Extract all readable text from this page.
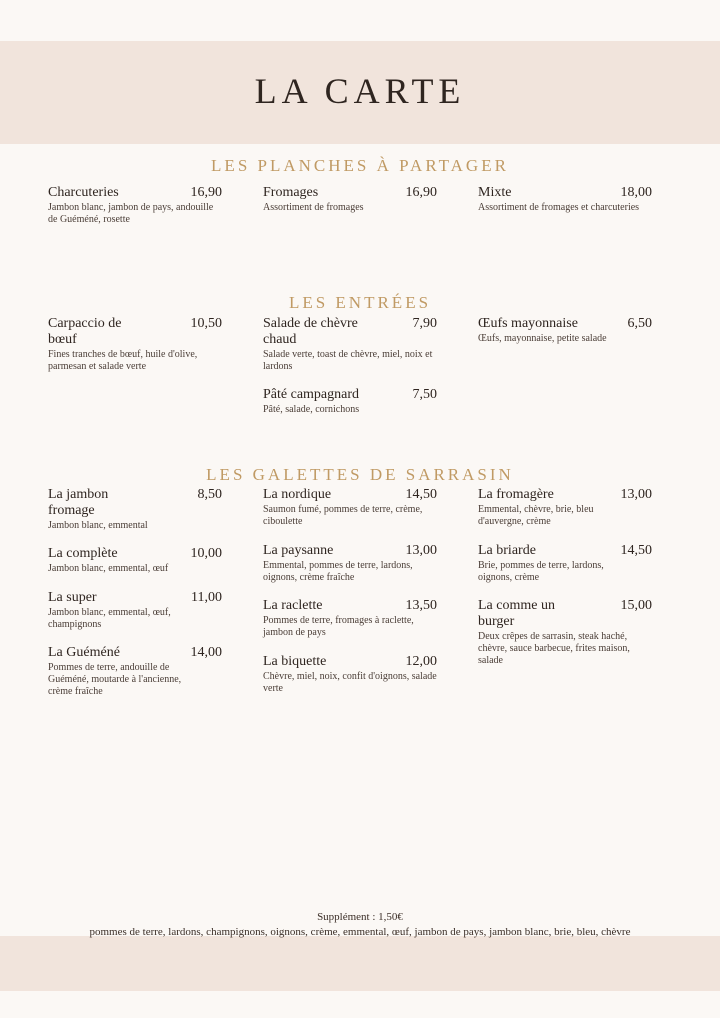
LA CARTE
LES PLANCHES À PARTAGER
Charcuteries	16,90
Jambon blanc, jambon de pays, andouille de Guéméné, rosette
Fromages	16,90
Assortiment de fromages
Mixte	18,00
Assortiment de fromages et charcuteries
LES ENTRÉES
Carpaccio de bœuf
10,50
Fines tranches de bœuf, huile d'olive, parmesan et salade verte
Salade de chèvre chaud
7,90
Salade verte, toast de chèvre, miel, noix et lardons
Pâté campagnard	7,50
Pâté, salade, cornichons
Œufs mayonnaise	6,50
Œufs, mayonnaise, petite salade
LES GALETTES DE SARRASIN
La jambon fromage
8,50
Jambon blanc, emmental
La complète	10,00
Jambon blanc, emmental, œuf
La super	11,00
Jambon blanc, emmental, œuf, champignons
La Guéméné	14,00
Pommes de terre, andouille de Guéméné, moutarde à l'ancienne, crème fraîche
La nordique	14,50
Saumon fumé, pommes de terre, crème, ciboulette
La paysanne	13,00
Emmental, pommes de terre, lardons, oignons, crème fraîche
La raclette	13,50
Pommes de terre, fromages à raclette, jambon de pays
La biquette	12,00
Chèvre, miel, noix, confit d'oignons, salade verte
La fromagère	13,00
Emmental, chèvre, brie, bleu d'auvergne, crème
La briarde	14,50
Brie, pommes de terre, lardons, oignons, crème
La comme un burger
15,00
Deux crêpes de sarrasin, steak haché, chèvre, sauce barbecue, frites maison, salade
Supplément : 1,50€
pommes de terre, lardons, champignons, oignons, crème, emmental, œuf, jambon de pays, jambon blanc, brie, bleu, chèvre
